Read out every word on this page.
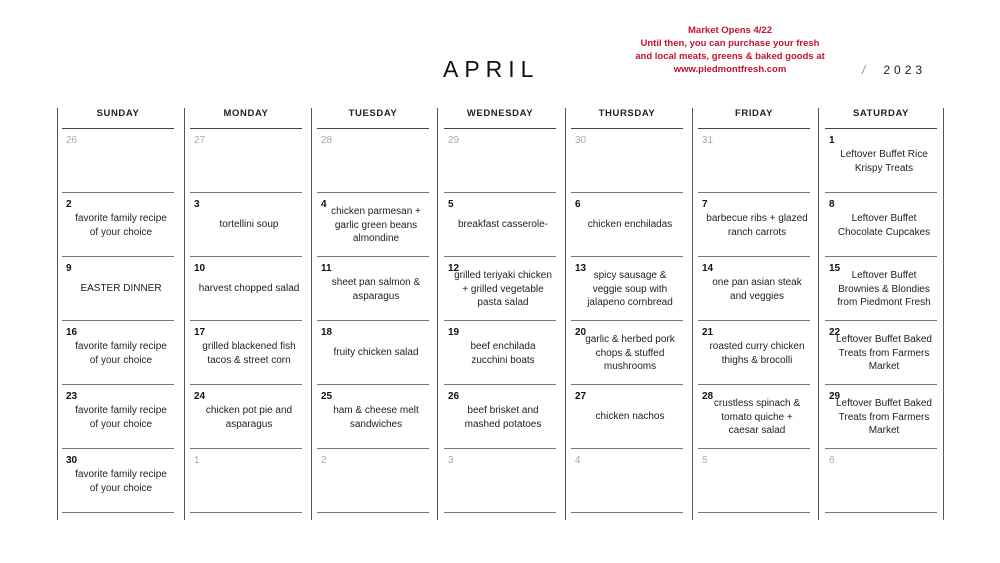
Market Opens 4/22
Until then, you can purchase your fresh
and local meats, greens & baked goods at
www.piedmontfresh.com
APRIL	/ 2023
SUNDAY
26
2
favorite family recipe of your choice
9
EASTER DINNER
16
favorite family recipe of your choice
23
favorite family recipe of your choice
30
favorite family recipe of your choice
MONDAY
27
3
tortellini soup
10
harvest chopped salad
17
grilled blackened fish tacos & street corn
24
chicken pot pie and asparagus
1
TUESDAY
28
4
chicken parmesan + garlic green beans almondine
11
sheet pan salmon & asparagus
18
fruity chicken salad
25
ham & cheese melt sandwiches
2
WEDNESDAY
29
5
breakfast casserole-
12
grilled teriyaki chicken + grilled vegetable pasta salad
19
beef enchilada zucchini boats
26
beef brisket and mashed potatoes
3
THURSDAY
30
6
chicken enchiladas
13
spicy sausage & veggie soup with jalapeno cornbread
20
garlic & herbed pork chops & stuffed mushrooms
27
chicken nachos
4
FRIDAY
31
7
barbecue ribs + glazed ranch carrots
14
one pan asian steak and veggies
21
roasted curry chicken thighs & brocolli
28
crustless spinach & tomato quiche + caesar salad
5
SATURDAY
1
Leftover Buffet Rice Krispy Treats
8
Leftover Buffet Chocolate Cupcakes
15
Leftover Buffet Brownies & Blondies from Piedmont Fresh
22
Leftover Buffet Baked Treats from Farmers Market
29
Leftover Buffet Baked Treats from Farmers Market
6
